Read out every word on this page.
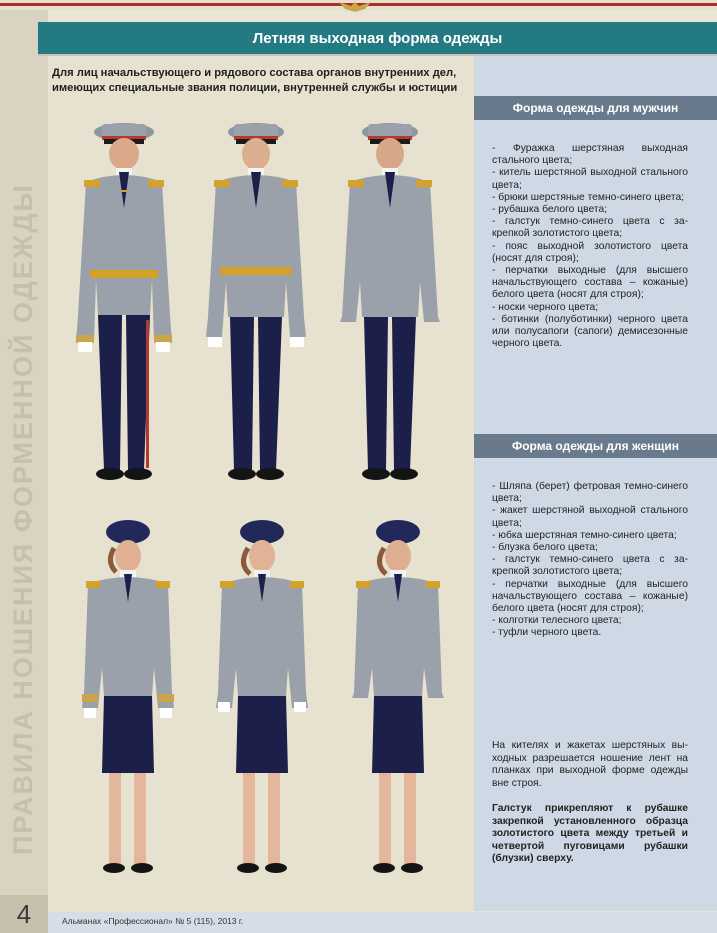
ПРАВИЛА НОШЕНИЯ ФОРМЕННОЙ ОДЕЖДЫ
Летняя выходная форма одежды
Для лиц начальствующего и рядового состава органов внутренних дел,
имеющих специальные звания полиции, внутренней службы и юстиции
Форма одежды для мужчин
- Фуражка шерстяная выходная стального цвета;
- китель шерстяной выходной стального цвета;
- брюки шерстяные темно-синего цвета;
- рубашка белого цвета;
- галстук темно-синего цвета с закрепкой золотистого цвета;
- пояс выходной золотистого цвета (носят для строя);
- перчатки выходные (для высшего начальствующего состава – кожаные) белого цвета (носят для строя);
- носки черного цвета;
- ботинки (полуботинки) черного цвета или полусапоги (сапоги) демисезонные черного цвета.
Форма одежды для женщин
- Шляпа (берет) фетровая темно-синего цвета;
- жакет шерстяной выходной стального цвета;
- юбка шерстяная темно-синего цвета;
- блузка белого цвета;
- галстук темно-синего цвета с закрепкой золотистого цвета;
- перчатки выходные (для высшего начальствующего состава – кожаные) белого цвета (носят для строя);
- колготки телесного цвета;
- туфли черного цвета.
На кителях и жакетах шерстяных выходных разрешается ношение лент на планках при выходной форме одежды вне строя.
Галстук прикрепляют к рубашке закрепкой установленного образца золотистого цвета между третьей и четвертой пуговицами рубашки (блузки) сверху.
4	Альманах «Профессионал» № 5 (115), 2013 г.
